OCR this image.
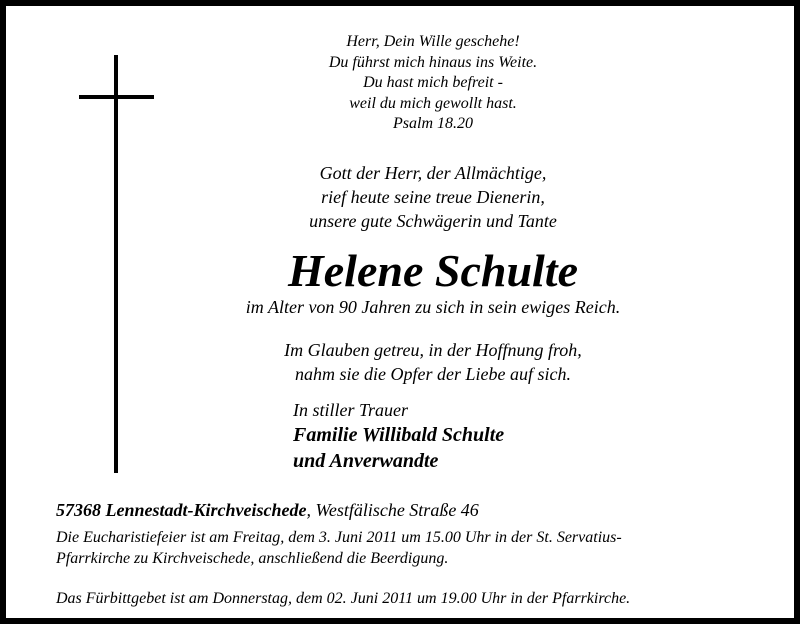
Herr, Dein Wille geschehe!
Du führst mich hinaus ins Weite.
Du hast mich befreit -
weil du mich gewollt hast.
Psalm 18.20
Gott der Herr, der Allmächtige,
rief heute seine treue Dienerin,
unsere gute Schwägerin und Tante
Helene Schulte
im Alter von 90 Jahren zu sich in sein ewiges Reich.
Im Glauben getreu, in der Hoffnung froh,
nahm sie die Opfer der Liebe auf sich.
In stiller Trauer
Familie Willibald Schulte
und Anverwandte
57368 Lennestadt-Kirchveischede, Westfälische Straße 46
Die Eucharistiefeier ist am Freitag, dem 3. Juni 2011 um 15.00 Uhr in der St. Servatius-
Pfarrkirche zu Kirchveischede, anschließend die Beerdigung.
Das Fürbittgebet ist am Donnerstag, dem 02. Juni 2011 um 19.00 Uhr in der Pfarrkirche.
